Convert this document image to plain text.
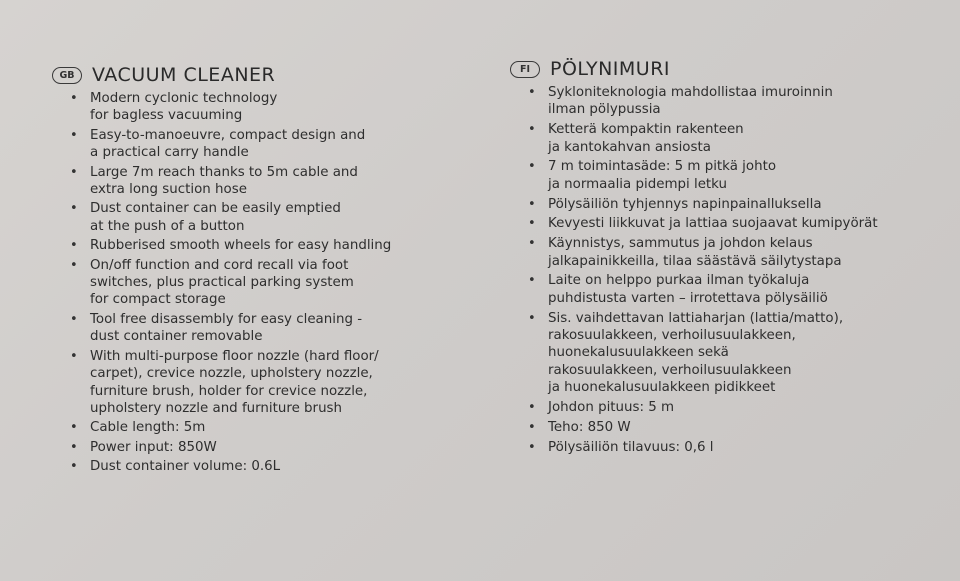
GB VACUUM CLEANER
• Modern cyclonic technology
for bagless vacuuming
• Easy-to-manoeuvre, compact design and
a practical carry handle
• Large 7m reach thanks to 5m cable and
extra long suction hose
• Dust container can be easily emptied
at the push of a button
• Rubberised smooth wheels for easy handling
• On/off function and cord recall via foot
switches, plus practical parking system
for compact storage
• Tool free disassembly for easy cleaning -
dust container removable
• With multi-purpose floor nozzle (hard floor/
carpet), crevice nozzle, upholstery nozzle,
furniture brush, holder for crevice nozzle,
upholstery nozzle and furniture brush
• Cable length: 5m
• Power input: 850W
• Dust container volume: 0.6L
FI	PÖLYNIMURI
• Sykloniteknologia mahdollistaa imuroinnin
ilman pölypussia
• Ketterä kompaktin rakenteen
ja kantokahvan ansiosta
• 7 m toimintasäde: 5 m pitkä johto
ja normaalia pidempi letku
• Pölysäiliön tyhjennys napinpainalluksella
• Kevyesti liikkuvat ja lattiaa suojaavat kumipyörät
• Käynnistys, sammutus ja johdon kelaus
jalkapainikkeilla, tilaa säästävä säilytystapa
• Laite on helppo purkaa ilman työkaluja
puhdistusta varten – irrotettava pölysäiliö
• Sis. vaihdettavan lattiaharjan (lattia/matto),
rakosuulakkeen, verhoilusuulakkeen,
huonekalusuulakkeen sekä
rakosuulakkeen, verhoilusuulakkeen
ja huonekalusuulakkeen pidikkeet
• Johdon pituus: 5 m
• Teho: 850 W
• Pölysäiliön tilavuus: 0,6 l
